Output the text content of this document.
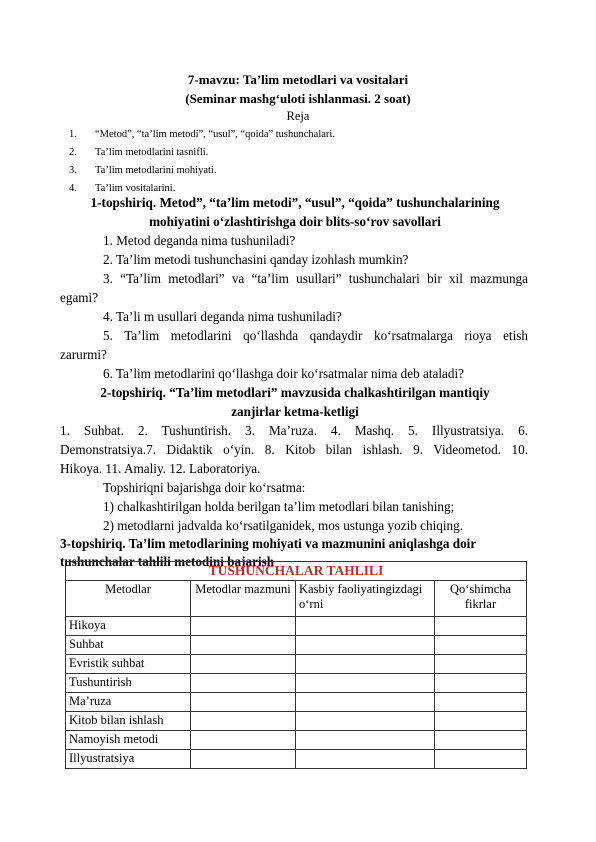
7-mavzu: Ta’lim metodlari va vositalari
(Seminar mashg‘uloti ishlanmasi. 2 soat)
Reja
1. “Metod”, “ta’lim metodi”, “usul”, “qoida” tushunchalari.
2. Ta’lim metodlarini tasnifli.
3. Ta’lim metodlarini mohiyati.
4. Ta’lim vositalarini.
1-topshiriq. Metod”, “ta’lim metodi”, “usul”, “qoida” tushunchalarining
mohiyatini o‘zlashtirishga doir blits-so‘rov savollari
1. Metod deganda nima tushuniladi?
2. Ta’lim metodi tushunchasini qanday izohlash mumkin?
3. “Ta’lim metodlari” va “ta’lim usullari” tushunchalari bir xil mazmunga
egami?
4. Ta’li m usullari deganda nima tushuniladi?
5. Ta’lim metodlarini qo‘llashda qandaydir ko‘rsatmalarga rioya etish
zarurmi?
6. Ta’lim metodlarini qo‘llashga doir ko‘rsatmalar nima deb ataladi?
2-topshiriq. “Ta’lim metodlari” mavzusida chalkashtirilgan mantiqiy
zanjirlar ketma-ketligi
1. Suhbat. 2. Tushuntirish. 3. Ma’ruza. 4. Mashq. 5. Illyustratsiya. 6.
Demonstratsiya.7. Didaktik o‘yin. 8. Kitob bilan ishlash. 9. Videometod. 10.
Hikoya. 11. Amaliy. 12. Laboratoriya.
Topshiriqni bajarishga doir ko‘rsatma:
1) chalkashtirilgan holda berilgan ta’lim metodlari bilan tanishing;
2) metodlarni jadvalda ko‘rsatilganidek, mos ustunga yozib chiqing.
3-topshiriq. Ta’lim metodlarining mohiyati va mazmunini aniqlashga doir
tushunchalar tahlili metodini bajarish
TUSHUNCHALAR TAHLILI			
Metodlar	Metodlar mazmuni	Kasbiy faoliyatingizdagi o‘rni	Qo‘shimcha fikrlar
Hikoya			
Suhbat			
Evristik suhbat			
Tushuntirish			
Ma’ruza			
Kitob bilan ishlash			
Namoyish metodi			
Illyustratsiya			
